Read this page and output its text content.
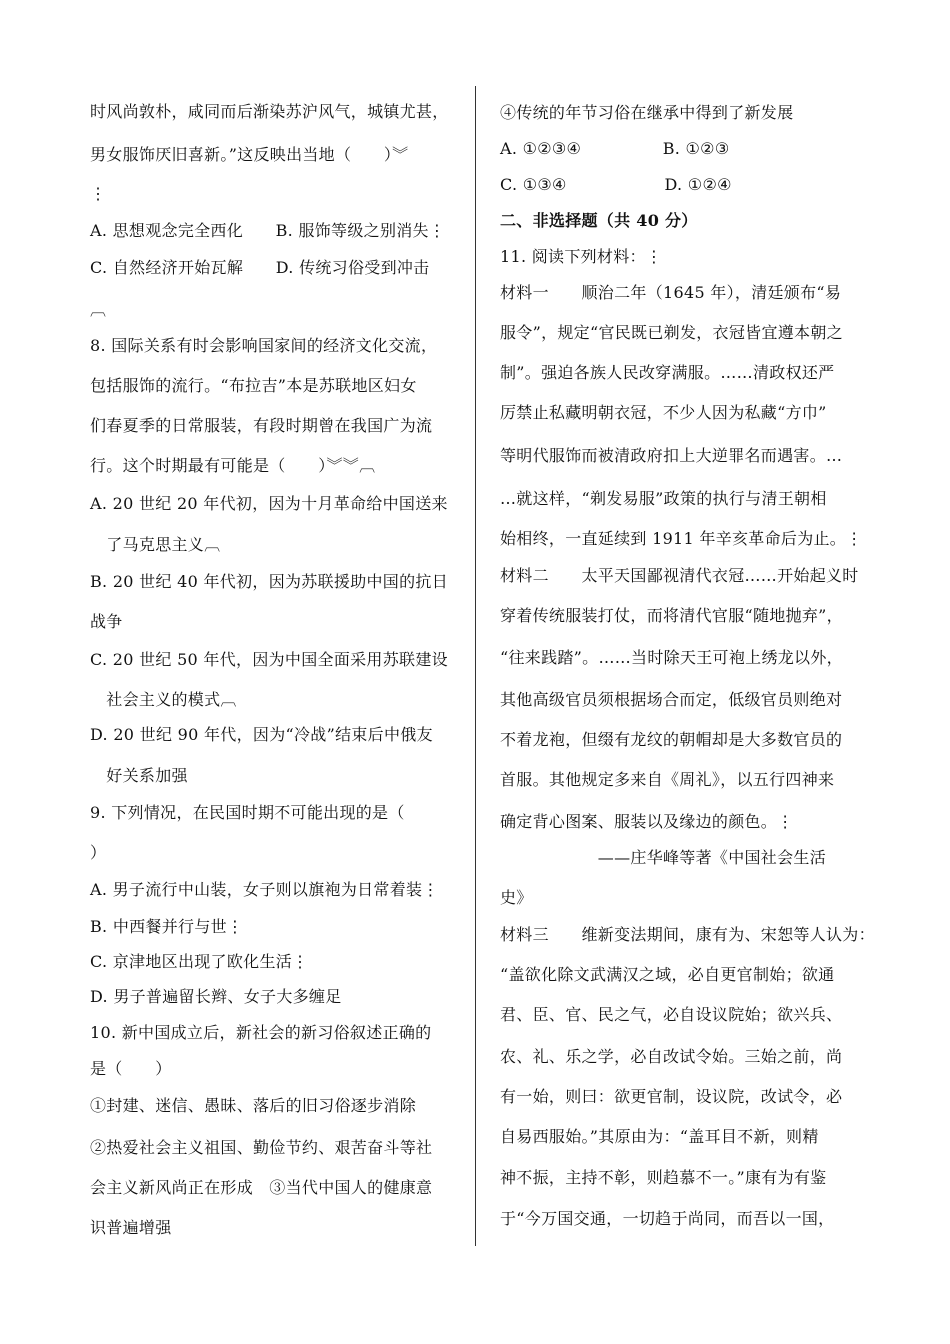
时风尚敦朴，咸同而后渐染苏沪风气，城镇尤甚，
男女服饰厌旧喜新。”这反映出当地（　　）︾
⋮
A. 思想观念完全西化　　B. 服饰等级之别消失⋮
C. 自然经济开始瓦解　　D. 传统习俗受到冲击
︹
8. 国际关系有时会影响国家间的经济文化交流，
包括服饰的流行。“布拉吉”本是苏联地区妇女
们春夏季的日常服装，有段时期曾在我国广为流
行。这个时期最有可能是（　　）︾︾︹
A. 20 世纪 20 年代初，因为十月革命给中国送来
　了马克思主义︹
B. 20 世纪 40 年代初，因为苏联援助中国的抗日
战争
C. 20 世纪 50 年代，因为中国全面采用苏联建设
　社会主义的模式︹
D. 20 世纪 90 年代，因为“冷战”结束后中俄友
　好关系加强
9. 下列情况，在民国时期不可能出现的是（
）
A. 男子流行中山装，女子则以旗袍为日常着装⋮
B. 中西餐并行与世⋮
C. 京津地区出现了欧化生活⋮
D. 男子普遍留长辫、女子大多缠足
10. 新中国成立后，新社会的新习俗叙述正确的
是（　　）
①封建、迷信、愚昧、落后的旧习俗逐步消除
②热爱社会主义祖国、勤俭节约、艰苦奋斗等社
会主义新风尚正在形成　③当代中国人的健康意
识普遍增强
④传统的年节习俗在继承中得到了新发展
A. ①②③④　　　　　B. ①②③
C. ①③④　　　　　　D. ①②④
二、非选择题（共 40 分）
11. 阅读下列材料：⋮
材料一　　顺治二年（1645 年），清廷颁布“易
服令”，规定“官民既已剃发，衣冠皆宜遵本朝之
制”。强迫各族人民改穿满服。……清政权还严
厉禁止私藏明朝衣冠，不少人因为私藏“方巾”
等明代服饰而被清政府扣上大逆罪名而遇害。…
…就这样，“剃发易服”政策的执行与清王朝相
始相终，一直延续到 1911 年辛亥革命后为止。⋮
材料二　　太平天国鄙视清代衣冠……开始起义时
穿着传统服装打仗，而将清代官服“随地抛弃”，
“往来践踏”。……当时除天王可袍上绣龙以外，
其他高级官员须根据场合而定，低级官员则绝对
不着龙袍，但缀有龙纹的朝帽却是大多数官员的
首服。其他规定多来自《周礼》，以五行四神来
确定背心图案、服装以及缘边的颜色。⋮
　　　　　　——庄华峰等著《中国社会生活
史》
材料三　　维新变法期间，康有为、宋恕等人认为：
“盖欲化除文武满汉之域，必自更官制始；欲通
君、臣、官、民之气，必自设议院始；欲兴兵、
农、礼、乐之学，必自改试令始。三始之前，尚
有一始，则曰：欲更官制，设议院，改试令，必
自易西服始。”其原由为：“盖耳目不新，则精
神不振，主持不彰，则趋慕不一。”康有为有鉴
于“今万国交通，一切趋于尚同，而吾以一国，
